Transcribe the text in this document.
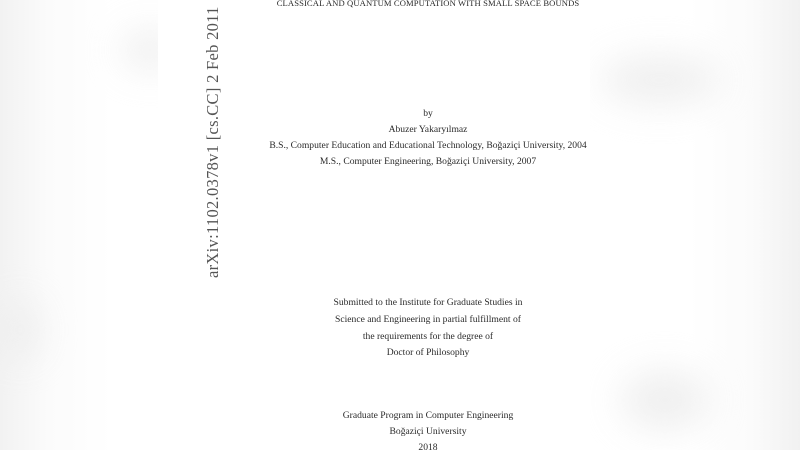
arXiv:1102.0378v1 [cs.CC] 2 Feb 2011
CLASSICAL AND QUANTUM COMPUTATION WITH SMALL SPACE BOUNDS
by
Abuzer Yakaryılmaz
B.S., Computer Education and Educational Technology, Boğaziçi University, 2004
M.S., Computer Engineering, Boğaziçi University, 2007
Submitted to the Institute for Graduate Studies in
Science and Engineering in partial fulfillment of
the requirements for the degree of
Doctor of Philosophy
Graduate Program in Computer Engineering
Boğaziçi University
2018
